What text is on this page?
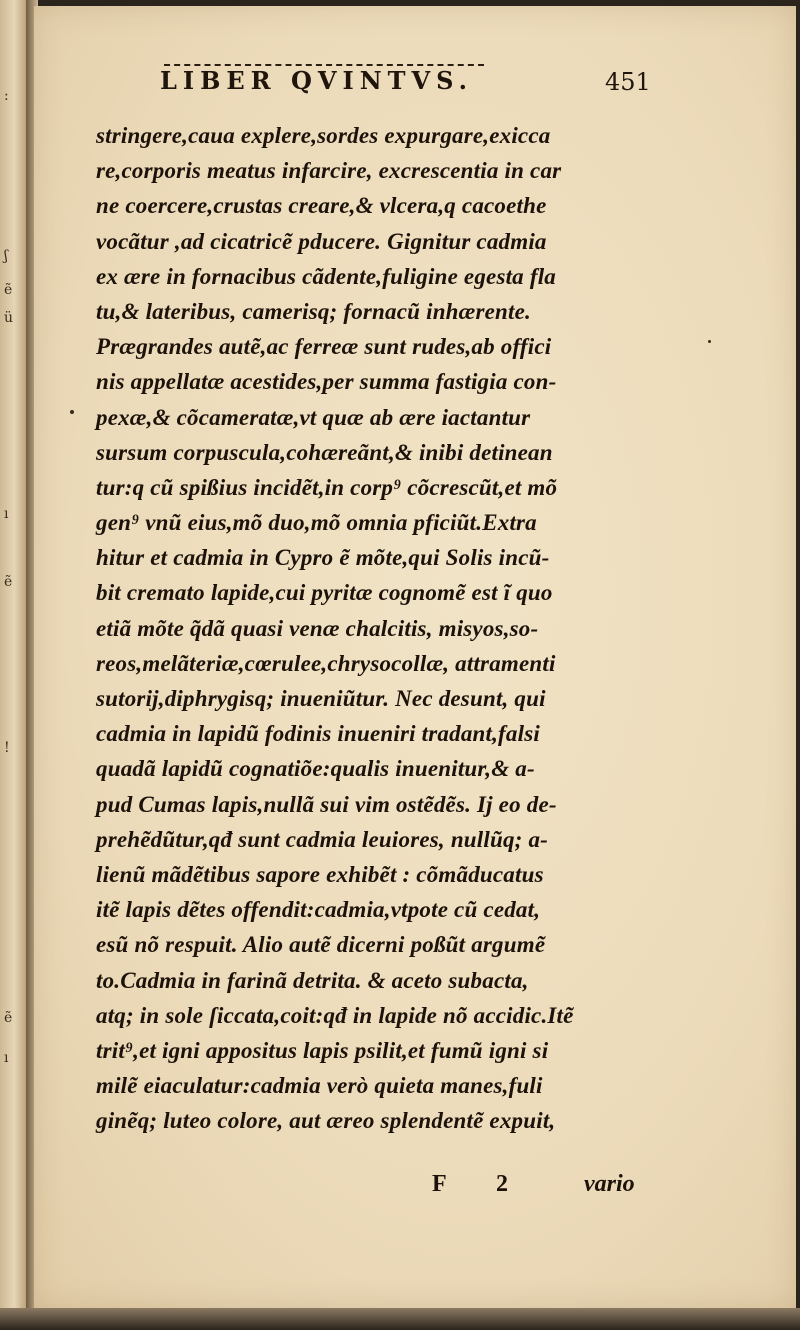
:
ʃ
ẽ
ü
ı
ẽ
!
ẽ
ı
LIBER QVINTVS.	451
stringere,caua explere,sordes expurgare,exicca
re,corporis meatus infarcire, excrescentia in car
ne coercere,crustas creare,& vlcera,q cacoethe
vocãtur ,ad cicatricẽ pducere. Gignitur cadmia
ex ære in fornacibus cãdente,fuligine egesta fla
tu,& lateribus, camerisq; fornacũ inhærente.
Prægrandes autẽ,ac ferreæ sunt rudes,ab offici
nis appellatæ acestides,per summa fastigia con-
pexæ,& cõcameratæ,vt quæ ab ære iactantur
sursum corpuscula,cohæreãnt,& inibi detinean
tur:q cũ spißius incidẽt,in corp⁹ cõcrescũt,et mõ
gen⁹ vnũ eius,mõ duo,mõ omnia pficiũt.Extra
hitur et cadmia in Cypro ẽ mõte,qui Solis incũ-
bit cremato lapide,cui pyritæ cognomẽ est ĩ quo
etiã mõte q̃dã quasi venæ chalcitis, misyos,so-
reos,melãteriæ,cœrulee,chrysocollæ, attramenti
sutorij,diphrygisq; inueniũtur. Nec desunt, qui
cadmia in lapidũ fodinis inueniri tradant,falsi
quadã lapidũ cognatiõe:qualis inuenitur,& a-
pud Cumas lapis,nullã sui vim ostẽdẽs. Ij eo de-
prehẽdũtur,qđ sunt cadmia leuiores, nullũq; a-
lienũ mãdẽtibus sapore exhibẽt : cõmãducatus
itẽ lapis dẽtes offendit:cadmia,vtpote cũ cedat,
esũ nõ respuit. Alio autẽ dicerni poßũt argumẽ
to.Cadmia in farinã detrita. & aceto subacta,
atq; in sole ſiccata,coit:qđ in lapide nõ accidic.Itẽ
trit⁹,et igni appositus lapis psilit,et fumũ igni si
milẽ eiaculatur:cadmia verò quieta manes,fuli
ginẽq; luteo colore, aut æreo splendentẽ expuit,
F 2	vario
